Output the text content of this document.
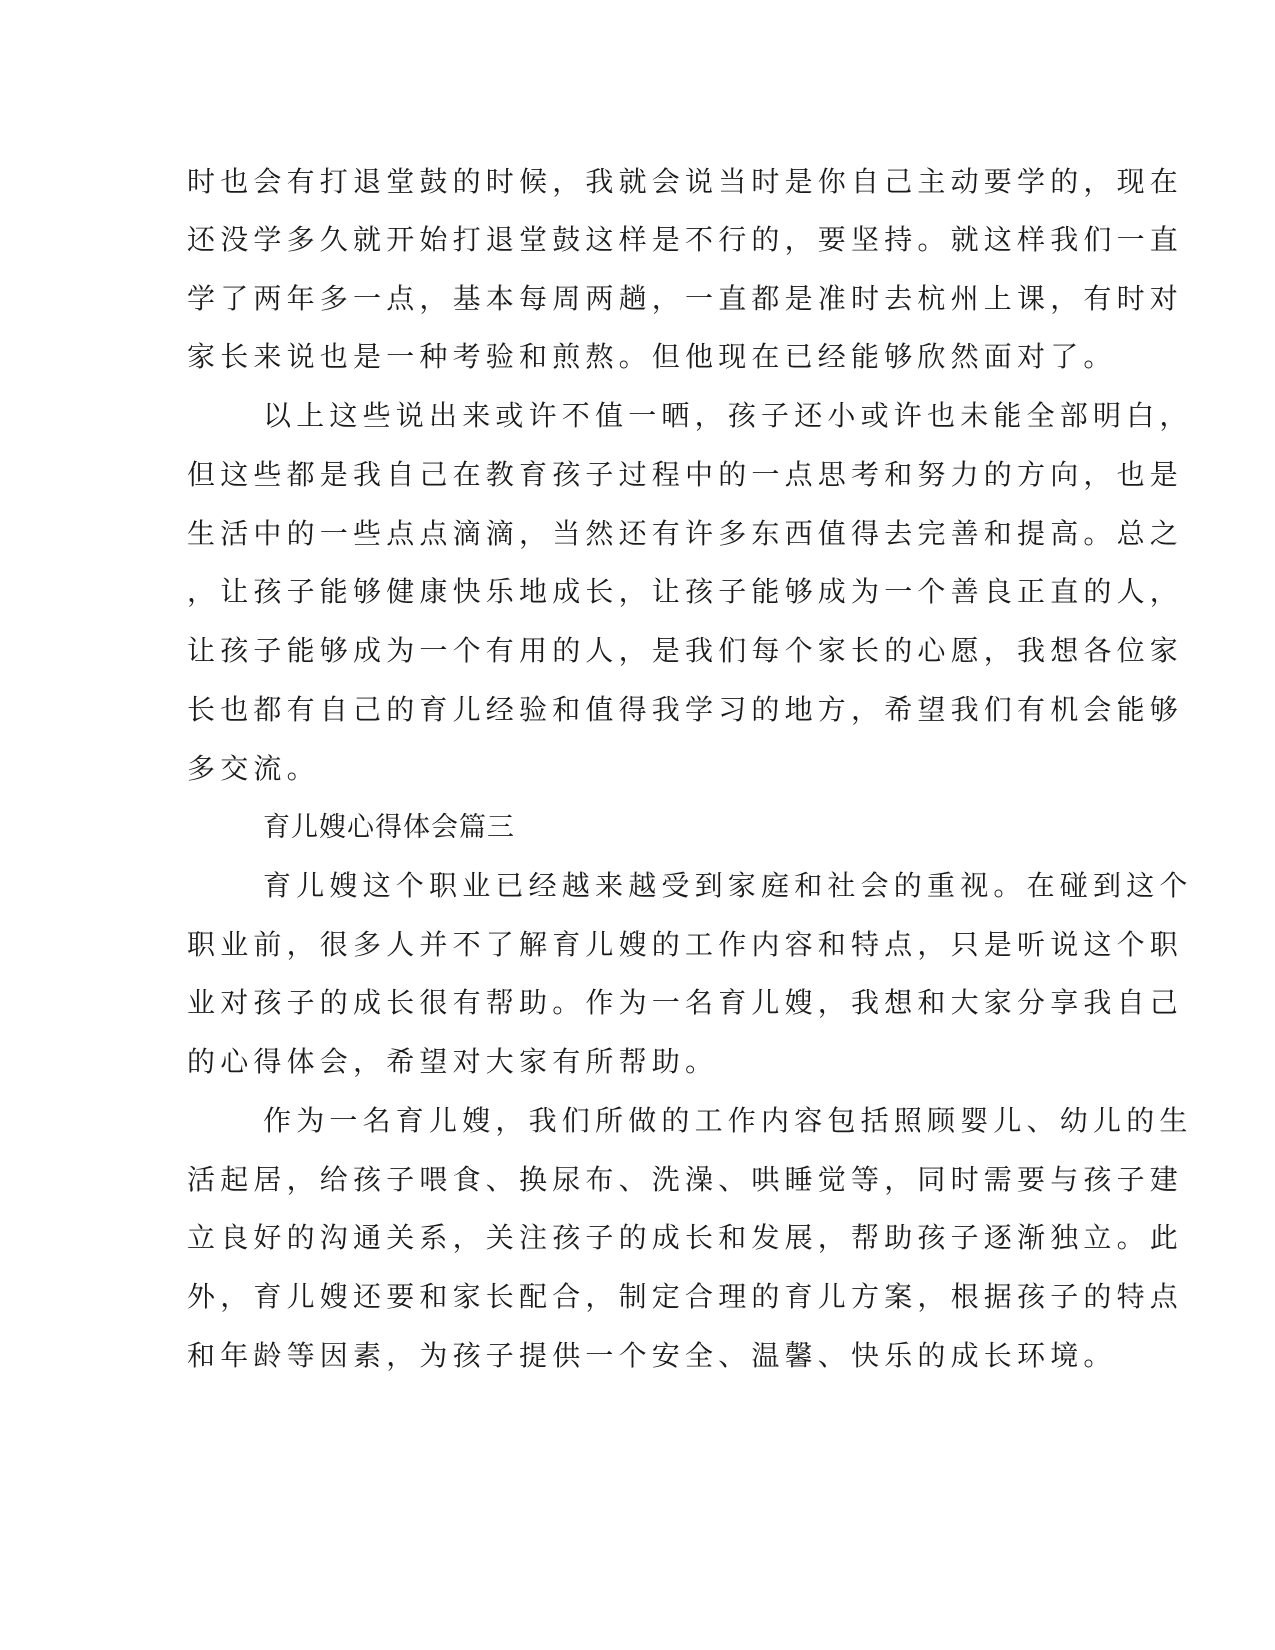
时也会有打退堂鼓的时候，我就会说当时是你自己主动要学的，现在
还没学多久就开始打退堂鼓这样是不行的，要坚持。就这样我们一直
学了两年多一点，基本每周两趟，一直都是准时去杭州上课，有时对
家长来说也是一种考验和煎熬。但他现在已经能够欣然面对了。
以上这些说出来或许不值一晒，孩子还小或许也未能全部明白，
但这些都是我自己在教育孩子过程中的一点思考和努力的方向，也是
生活中的一些点点滴滴，当然还有许多东西值得去完善和提高。总之
，让孩子能够健康快乐地成长，让孩子能够成为一个善良正直的人，
让孩子能够成为一个有用的人，是我们每个家长的心愿，我想各位家
长也都有自己的育儿经验和值得我学习的地方，希望我们有机会能够
多交流。
育儿嫂心得体会篇三
育儿嫂这个职业已经越来越受到家庭和社会的重视。在碰到这个
职业前，很多人并不了解育儿嫂的工作内容和特点，只是听说这个职
业对孩子的成长很有帮助。作为一名育儿嫂，我想和大家分享我自己
的心得体会，希望对大家有所帮助。
作为一名育儿嫂，我们所做的工作内容包括照顾婴儿、幼儿的生
活起居，给孩子喂食、换尿布、洗澡、哄睡觉等，同时需要与孩子建
立良好的沟通关系，关注孩子的成长和发展，帮助孩子逐渐独立。此
外，育儿嫂还要和家长配合，制定合理的育儿方案，根据孩子的特点
和年龄等因素，为孩子提供一个安全、温馨、快乐的成长环境。
